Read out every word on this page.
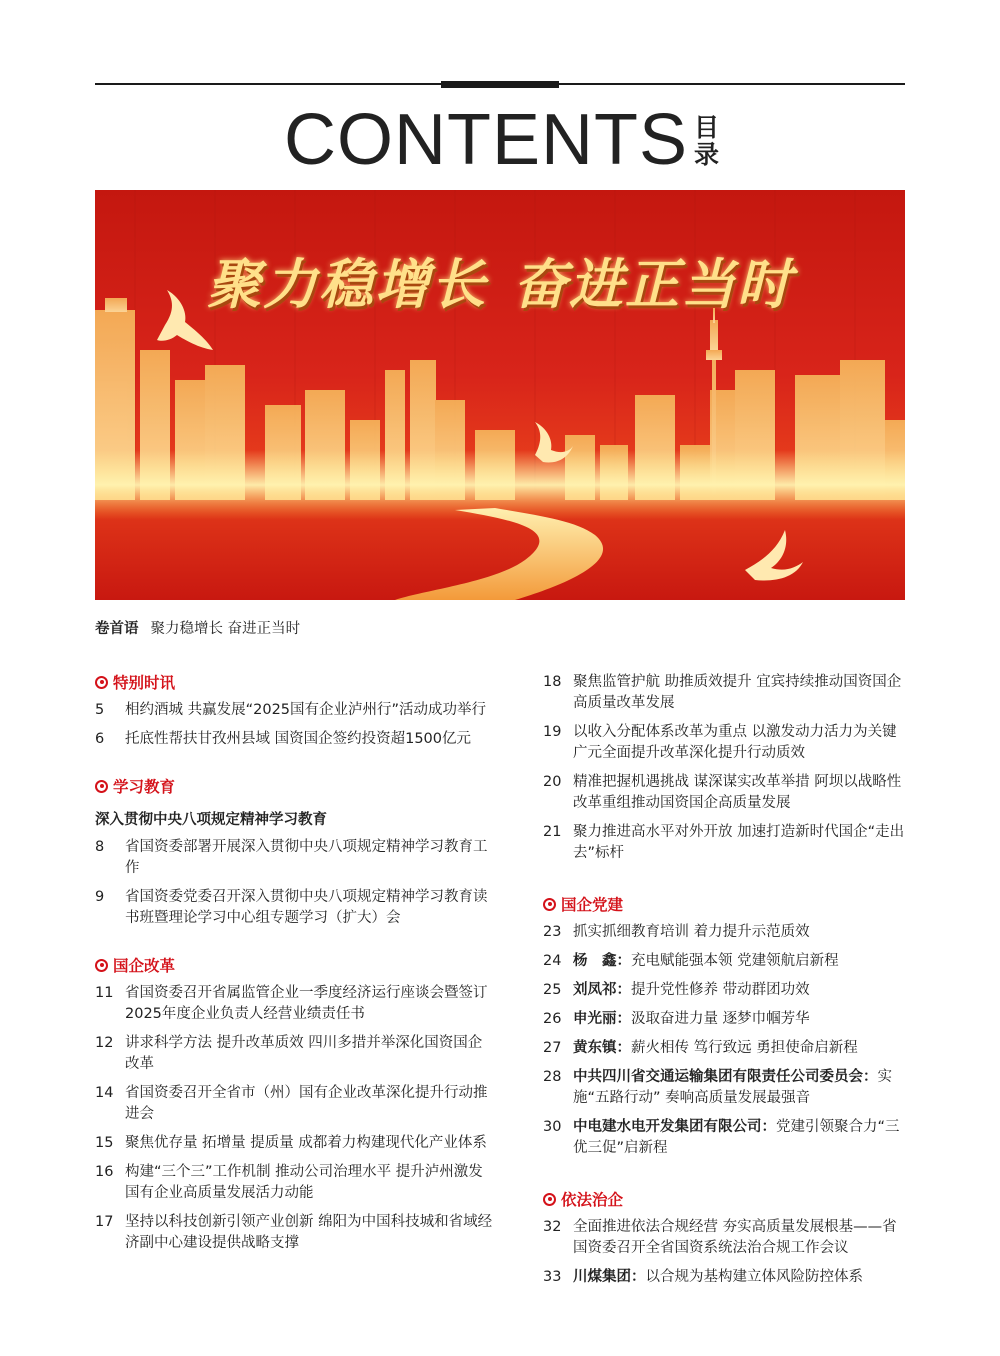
CONTENTS 目录
聚力稳增长 奋进正当时
卷首语 聚力稳增长 奋进正当时
特别时讯
5	相约酒城 共赢发展“2025国有企业泸州行”活动成功举行
6	托底性帮扶甘孜州县域 国资国企签约投资超1500亿元
学习教育
深入贯彻中央八项规定精神学习教育
8	省国资委部署开展深入贯彻中央八项规定精神学习教育工作
9	省国资委党委召开深入贯彻中央八项规定精神学习教育读书班暨理论学习中心组专题学习（扩大）会
国企改革
11 省国资委召开省属监管企业一季度经济运行座谈会暨签订2025年度企业负责人经营业绩责任书
12 讲求科学方法 提升改革质效 四川多措并举深化国资国企改革
14 省国资委召开全省市（州）国有企业改革深化提升行动推进会
15 聚焦优存量 拓增量 提质量 成都着力构建现代化产业体系
16 构建“三个三”工作机制 推动公司治理水平 提升泸州激发国有企业高质量发展活力动能
17 坚持以科技创新引领产业创新 绵阳为中国科技城和省域经济副中心建设提供战略支撑
18 聚焦监管护航 助推质效提升 宜宾持续推动国资国企高质量改革发展
19 以收入分配体系改革为重点 以激发动力活力为关键 广元全面提升改革深化提升行动质效
20 精准把握机遇挑战 谋深谋实改革举措 阿坝以战略性改革重组推动国资国企高质量发展
21 聚力推进高水平对外开放 加速打造新时代国企“走出去”标杆
国企党建
23 抓实抓细教育培训 着力提升示范质效
24 杨　鑫：充电赋能强本领 党建领航启新程
25 刘凤祁：提升党性修养 带动群团功效
26 申光丽：汲取奋进力量 逐梦巾帼芳华
27 黄东镇：薪火相传 笃行致远 勇担使命启新程
28 中共四川省交通运输集团有限责任公司委员会：实施“五路行动” 奏响高质量发展最强音
30 中电建水电开发集团有限公司：党建引领聚合力“三优三促”启新程
依法治企
32 全面推进依法合规经营 夯实高质量发展根基——省国资委召开全省国资系统法治合规工作会议
33 川煤集团：以合规为基构建立体风险防控体系
